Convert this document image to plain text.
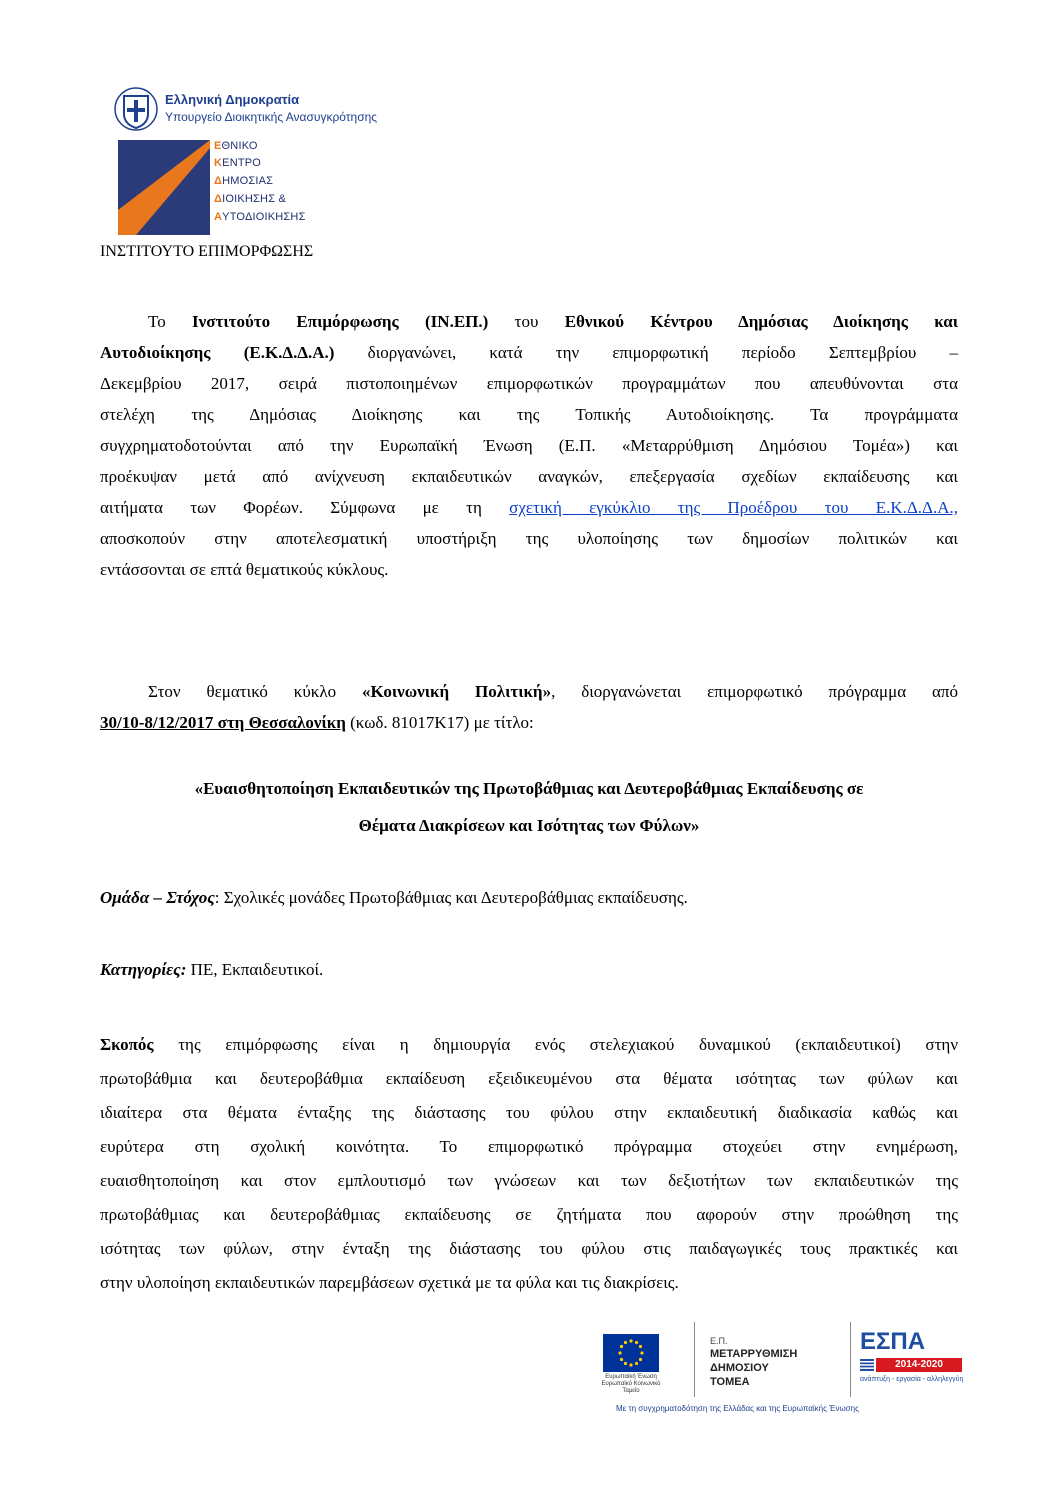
Ελληνική Δημοκρατία
Υπουργείο Διοικητικής Ανασυγκρότησης
ΕΘΝΙΚΟ
ΚΕΝΤΡΟ
ΔΗΜΟΣΙΑΣ
ΔΙΟΙΚΗΣΗΣ &
ΑΥΤΟΔΙΟΙΚΗΣΗΣ
ΙΝΣΤΙΤΟΥΤΟ ΕΠΙΜΟΡΦΩΣΗΣ
Το Ινστιτούτο Επιμόρφωσης (ΙΝ.ΕΠ.) του Εθνικού Κέντρου Δημόσιας Διοίκησης και
Αυτοδιοίκησης (Ε.Κ.Δ.Δ.Α.) διοργανώνει, κατά την επιμορφωτική περίοδο Σεπτεμβρίου –
Δεκεμβρίου 2017, σειρά πιστοποιημένων επιμορφωτικών προγραμμάτων που απευθύνονται στα
στελέχη της Δημόσιας Διοίκησης και της Τοπικής Αυτοδιοίκησης. Τα προγράμματα
συγχρηματοδοτούνται από την Ευρωπαϊκή Ένωση (Ε.Π. «Μεταρρύθμιση Δημόσιου Τομέα») και
προέκυψαν μετά από ανίχνευση εκπαιδευτικών αναγκών, επεξεργασία σχεδίων εκπαίδευσης και
αιτήματα των Φορέων. Σύμφωνα με τη σχετική εγκύκλιο της Προέδρου του Ε.Κ.Δ.Δ.Α.,
αποσκοπούν στην αποτελεσματική υποστήριξη της υλοποίησης των δημοσίων πολιτικών και
εντάσσονται σε επτά θεματικούς κύκλους.
Στον θεματικό κύκλο «Κοινωνική Πολιτική», διοργανώνεται επιμορφωτικό πρόγραμμα από
30/10-8/12/2017 στη Θεσσαλονίκη (κωδ. 81017Κ17) με τίτλο:
«Ευαισθητοποίηση Εκπαιδευτικών της Πρωτοβάθμιας και Δευτεροβάθμιας Εκπαίδευσης σε
Θέματα Διακρίσεων και Ισότητας των Φύλων»
Ομάδα – Στόχος: Σχολικές μονάδες Πρωτοβάθμιας και Δευτεροβάθμιας εκπαίδευσης.
Κατηγορίες: ΠΕ, Εκπαιδευτικοί.
Σκοπός της επιμόρφωσης είναι η δημιουργία ενός στελεχιακού δυναμικού (εκπαιδευτικοί) στην
πρωτοβάθμια και δευτεροβάθμια εκπαίδευση εξειδικευμένου στα θέματα ισότητας των φύλων και
ιδιαίτερα στα θέματα ένταξης της διάστασης του φύλου στην εκπαιδευτική διαδικασία καθώς και
ευρύτερα στη σχολική κοινότητα. Το επιμορφωτικό πρόγραμμα στοχεύει στην ενημέρωση,
ευαισθητοποίηση και στον εμπλουτισμό των γνώσεων και των δεξιοτήτων των εκπαιδευτικών της
πρωτοβάθμιας και δευτεροβάθμιας εκπαίδευσης σε ζητήματα που αφορούν στην προώθηση της
ισότητας των φύλων, στην ένταξη της διάστασης του φύλου στις παιδαγωγικές τους πρακτικές και
στην υλοποίηση εκπαιδευτικών παρεμβάσεων σχετικά με τα φύλα και τις διακρίσεις.
Ευρωπαϊκή Ένωση
Ευρωπαϊκό Κοινωνικό Ταμείο
Ε.Π.
ΜΕΤΑΡΡΥΘΜΙΣΗ
ΔΗΜΟΣΙΟΥ
ΤΟΜΕΑ
ΕΣΠΑ
2014-2020
ανάπτυξη - εργασία - αλληλεγγύη
Με τη συγχρηματοδότηση της Ελλάδας και της Ευρωπαϊκής Ένωσης
